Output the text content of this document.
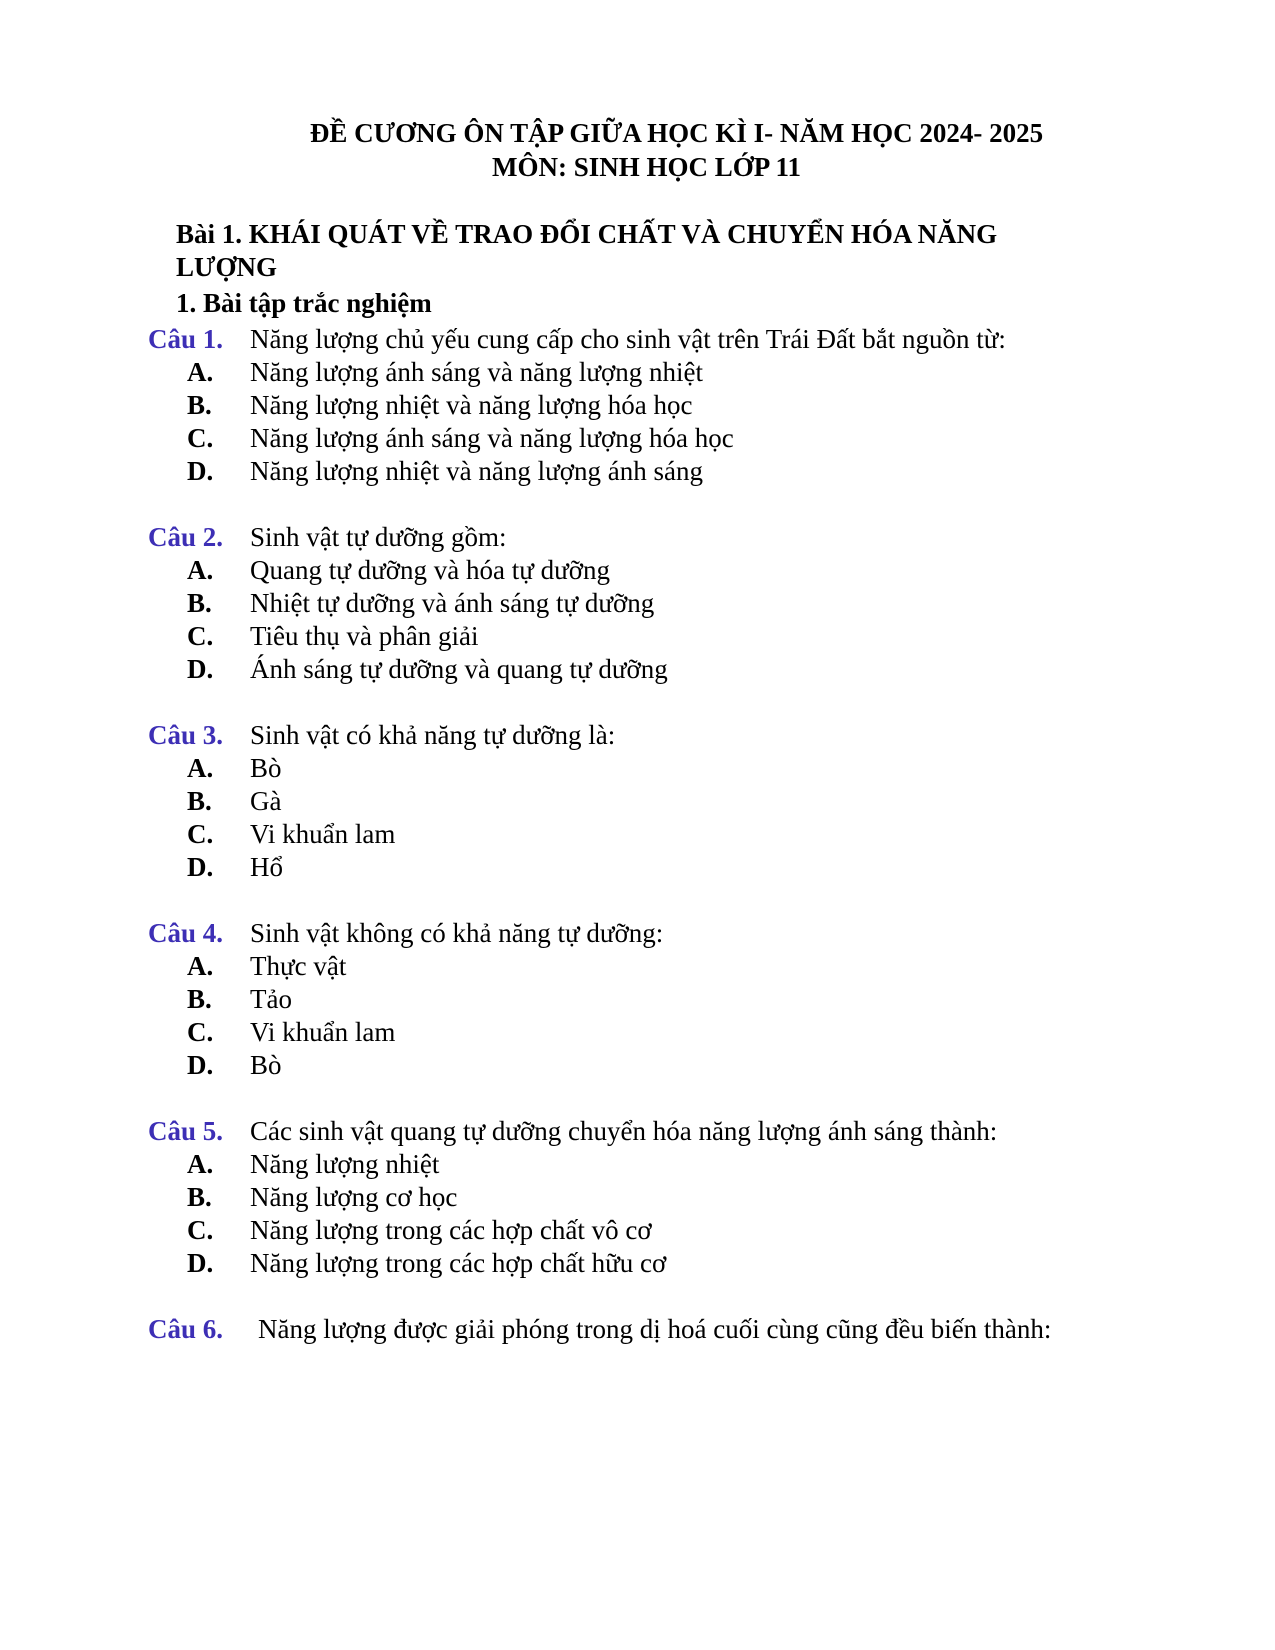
ĐỀ CƯƠNG ÔN TẬP GIỮA HỌC KÌ I- NĂM HỌC 2024- 2025
MÔN: SINH HỌC LỚP 11
Bài 1. KHÁI QUÁT VỀ TRAO ĐỔI CHẤT VÀ CHUYỂN HÓA NĂNG LƯỢNG
1. Bài tập trắc nghiệm
Câu 1. Năng lượng chủ yếu cung cấp cho sinh vật trên Trái Đất bắt nguồn từ:
A. Năng lượng ánh sáng và năng lượng nhiệt
B. Năng lượng nhiệt và năng lượng hóa học
C. Năng lượng ánh sáng và năng lượng hóa học
D. Năng lượng nhiệt và năng lượng ánh sáng
Câu 2. Sinh vật tự dưỡng gồm:
A. Quang tự dưỡng và hóa tự dưỡng
B. Nhiệt tự dưỡng và ánh sáng tự dưỡng
C. Tiêu thụ và phân giải
D. Ánh sáng tự dưỡng và quang tự dưỡng
Câu 3. Sinh vật có khả năng tự dưỡng là:
A. Bò
B. Gà
C. Vi khuẩn lam
D. Hổ
Câu 4. Sinh vật không có khả năng tự dưỡng:
A. Thực vật
B. Tảo
C. Vi khuẩn lam
D. Bò
Câu 5. Các sinh vật quang tự dưỡng chuyển hóa năng lượng ánh sáng thành:
A. Năng lượng nhiệt
B. Năng lượng cơ học
C. Năng lượng trong các hợp chất vô cơ
D. Năng lượng trong các hợp chất hữu cơ
Câu 6. Năng lượng được giải phóng trong dị hoá cuối cùng cũng đều biến thành:
